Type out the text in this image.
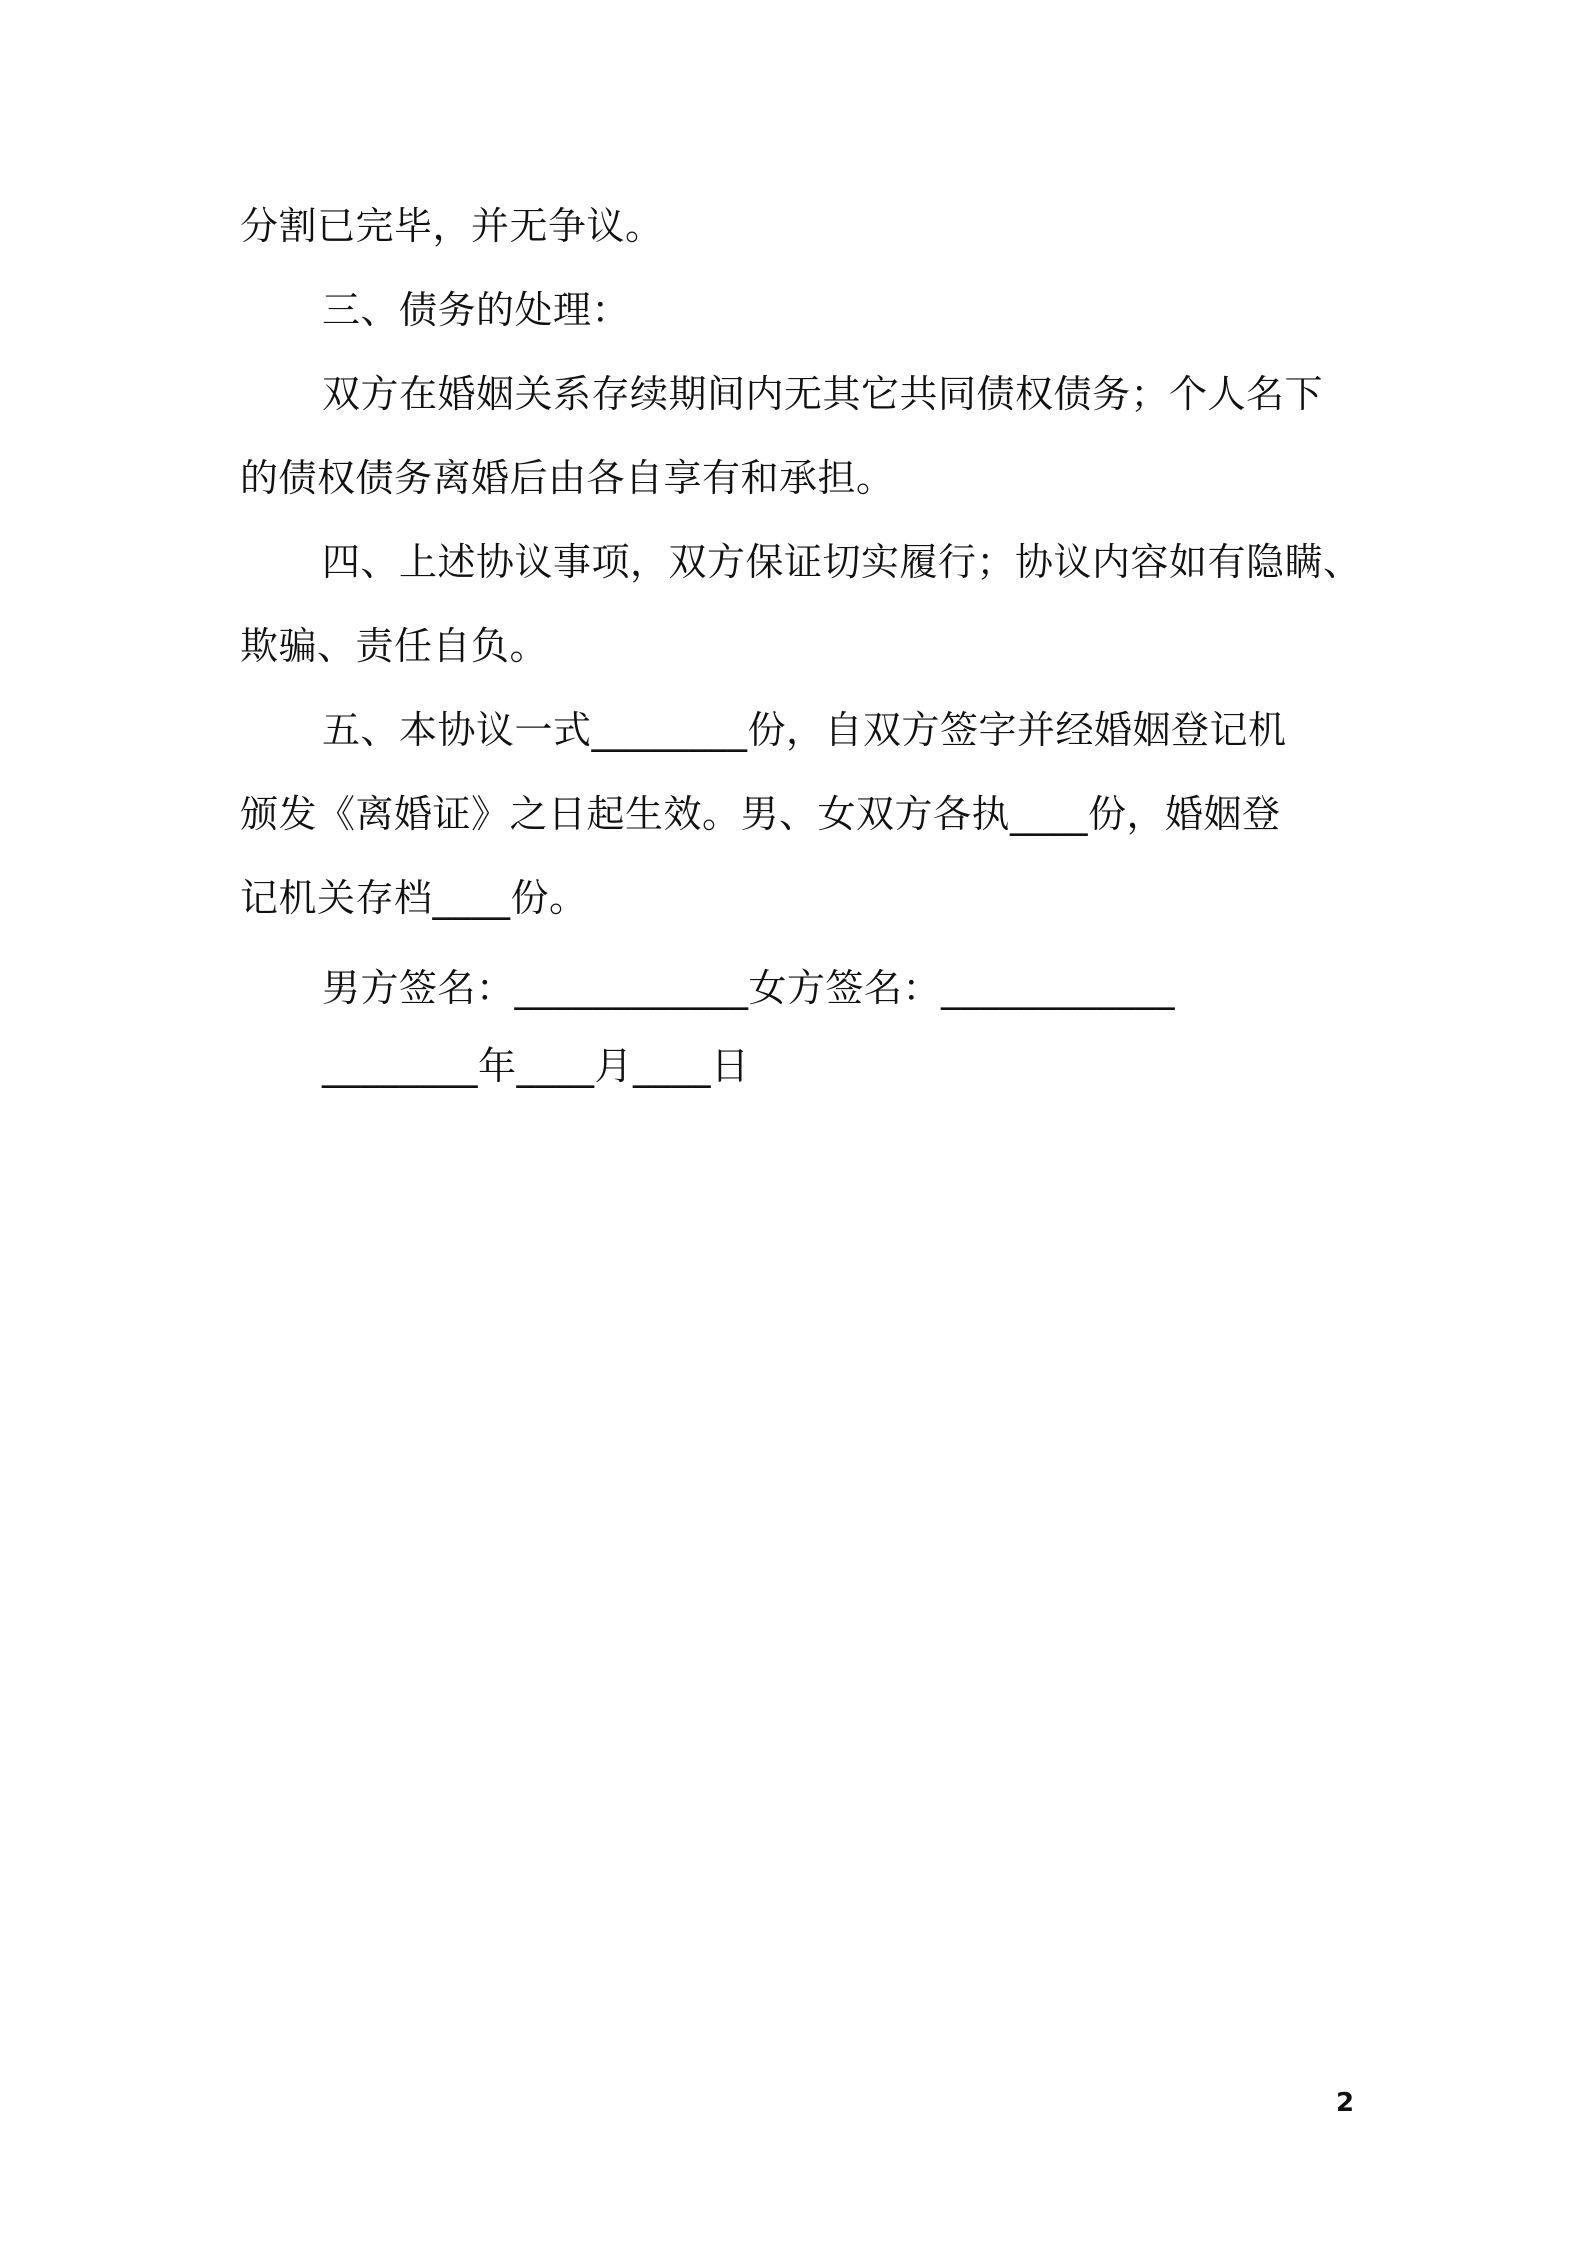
分割已完毕，并无争议。
三、债务的处理：
双方在婚姻关系存续期间内无其它共同债权债务；个人名下
的债权债务离婚后由各自享有和承担。
四、上述协议事项，双方保证切实履行；协议内容如有隐瞒、
欺骗、责任自负。
五、本协议一式________份，自双方签字并经婚姻登记机
颁发《离婚证》之日起生效。男、女双方各执____份，婚姻登
记机关存档____份。
男方签名：____________女方签名：____________
________年____月____日
2
